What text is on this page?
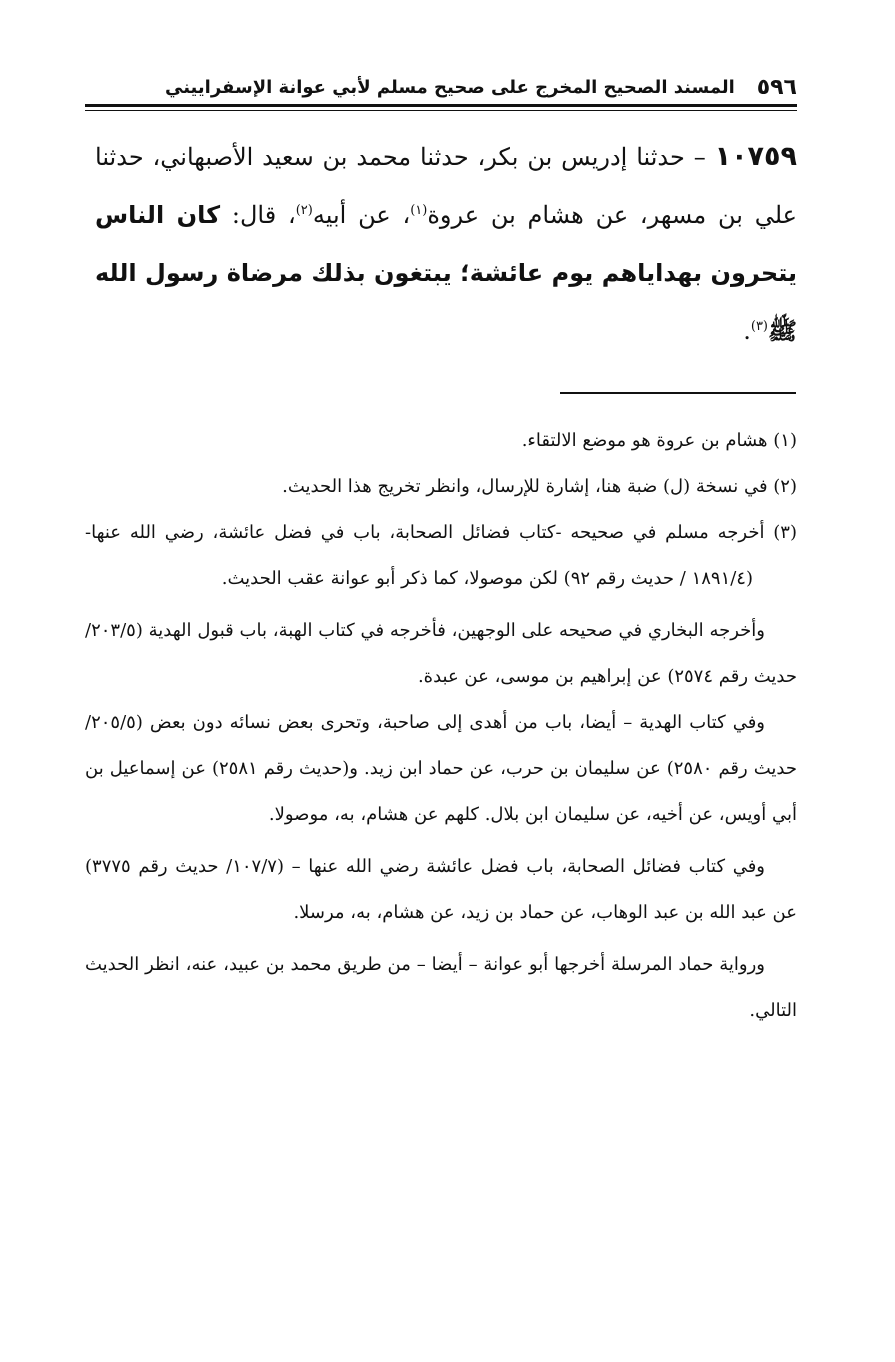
٥٩٦
المسند الصحيح المخرج على صحيح مسلم لأبي عوانة الإسفراييني
١٠٧٥٩ – حدثنا إدريس بن بكر، حدثنا محمد بن سعيد الأصبهاني، حدثنا علي بن مسهر، عن هشام بن عروة$^{(١)}$، عن أبيه$^{(٢)}$، قال: كان الناس يتحرون بهداياهم يوم عائشة؛ يبتغون بذلك مرضاة رسول الله ﷺ$^{(٣)}$.
(١) هشام بن عروة هو موضع الالتقاء.
(٢) في نسخة (ل) ضبة هنا، إشارة للإرسال، وانظر تخريج هذا الحديث.
(٣) أخرجه مسلم في صحيحه -كتاب فضائل الصحابة، باب في فضل عائشة، رضي الله عنها- (١٨٩١/٤ / حديث رقم ٩٢) لكن موصولا، كما ذكر أبو عوانة عقب الحديث.
وأخرجه البخاري في صحيحه على الوجهين، فأخرجه في كتاب الهبة، باب قبول الهدية (٢٠٣/٥/ حديث رقم ٢٥٧٤) عن إبراهيم بن موسى، عن عبدة.
وفي كتاب الهدية – أيضا، باب من أهدى إلى صاحبة، وتحرى بعض نسائه دون بعض (٢٠٥/٥/ حديث رقم ٢٥٨٠) عن سليمان بن حرب، عن حماد ابن زيد. و(حديث رقم ٢٥٨١) عن إسماعيل بن أبي أويس، عن أخيه، عن سليمان ابن بلال. كلهم عن هشام، به، موصولا.
وفي كتاب فضائل الصحابة، باب فضل عائشة رضي الله عنها – (١٠٧/٧/ حديث رقم ٣٧٧٥) عن عبد الله بن عبد الوهاب، عن حماد بن زيد، عن هشام، به، مرسلا.
ورواية حماد المرسلة أخرجها أبو عوانة – أيضا – من طريق محمد بن عبيد، عنه، انظر الحديث التالي.
